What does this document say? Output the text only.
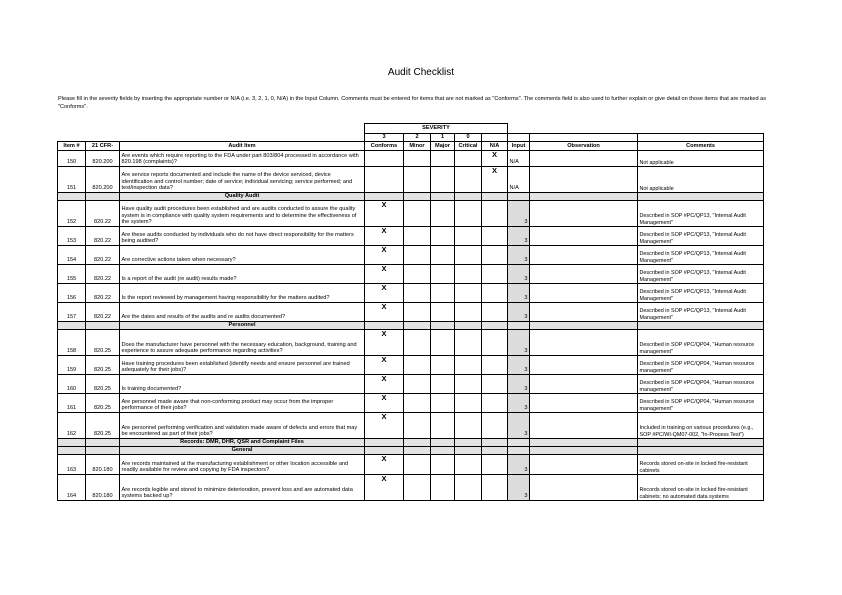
Audit Checklist
Please fill in the severity fields by inserting the appropriate number or N/A (i.e. 3, 2, 1, 0, N/A) in the Input Column. Comments must be entered for items that are not marked as "Conforms". The comments field is also used to further explain or give detail on those items that are marked as "Conforms".
			SEVERITY							
			3	2	1	0				
Item #	21 CFR-	Audit Item	Conforms	Minor	Major	Critical	N/A	Input	Observation	Comments
150	820.200	Are events which require reporting to the FDA under part 803/804 processed in accordance with 820.198 (complaints)?					X	N/A		Not applicable
151	820.200	Are service reports documented and include the name of the device serviced, device identification and control number; date of service; individual servicing; service performed; and test/inspection data?					X	N/A		Not applicable
		Quality Audit								
152	820.22	Have quality audit procedures been established and are audits conducted to assure the quality system is in compliance with quality system requirements and to determine the effectiveness of the system?	X					3		Described in SOP #PC/QP13, "Internal Audit Management"
153	820.22	Are these audits conducted by individuals who do not have direct responsibility for the matters being audited?	X					3		Described in SOP #PC/QP13, "Internal Audit Management"
154	820.22	Are corrective actions taken when necessary?	X					3		Described in SOP #PC/QP13, "Internal Audit Management"
155	820.22	Is a report of the audit (re audit) results made?	X					3		Described in SOP #PC/QP13, "Internal Audit Management"
156	820.22	Is the report reviewed by management having responsibility for the matters audited?	X					3		Described in SOP #PC/QP13, "Internal Audit Management"
157	820.22	Are the dates and results of the audits and re audits documented?	X					3		Described in SOP #PC/QP13, "Internal Audit Management"
		Personnel								
158	820.25	Does the manufacturer have personnel with the necessary education, background, training and experience to assure adequate performance regarding activities?	X					3		Described in SOP #PC/QP04, "Human resource management"
159	820.25	Have training procedures been established (identify needs and ensure personnel are trained adequately for their jobs)?	X					3		Described in SOP #PC/QP04, "Human resource management"
160	820.25	Is training documented?	X					3		Described in SOP #PC/QP04, "Human resource management"
161	820.25	Are personnel made aware that non-conforming product may occur from the improper performance of their jobs?	X					3		Described in SOP #PC/QP04, "Human resource management"
162	820.25	Are personnel performing verification and validation made aware of defects and errors that may be encountered as part of their jobs?	X					3		Included in training on various procedures (e.g., SOP #PC/WI-QM07-002, "In-Process Test")
		Records: DMR, DHR, QSR and Complaint Files								
		General								
163	820.180	Are records maintained at the manufacturing establishment or other location accessible and readily available for review and copying by FDA inspectors?	X					3		Records stored on-site in locked fire-resistant cabinets
164	820.180	Are records legible and stored to minimize deterioration, prevent loss and are automated data systems backed up?	X					3		Records stored on-site in locked fire-resistant cabinets; no automated data systems
